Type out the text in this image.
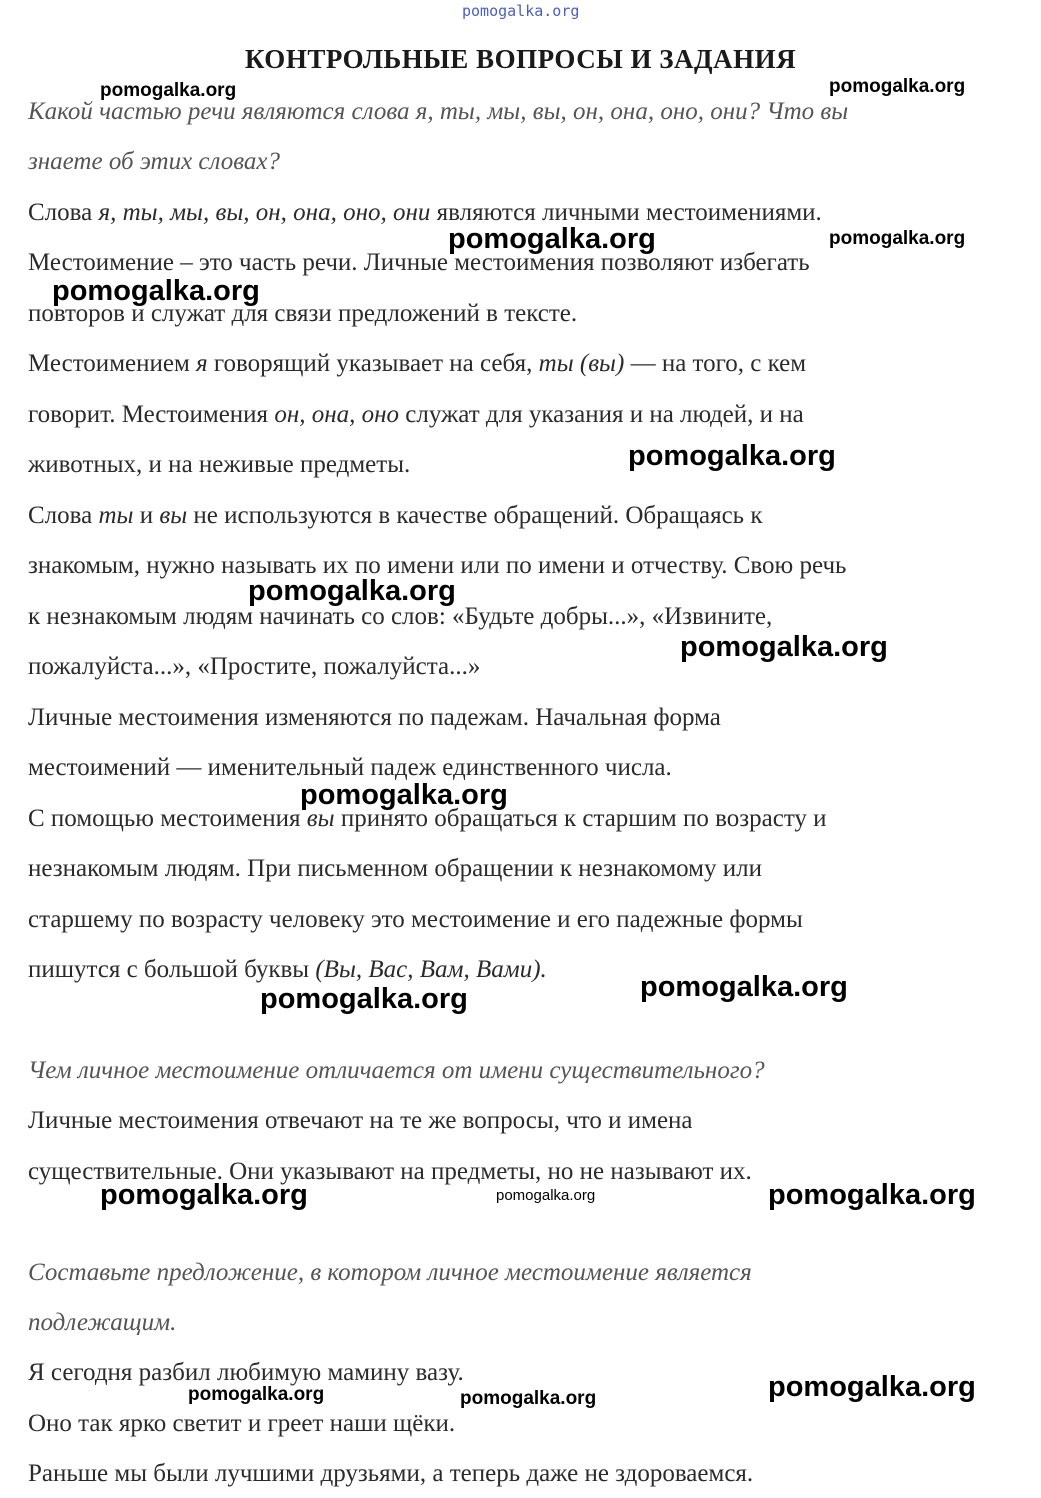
pomogalka.org
КОНТРОЛЬНЫЕ ВОПРОСЫ И ЗАДАНИЯ
Какой частью речи являются слова я, ты, мы, вы, он, она, оно, они? Что вы
знаете об этих словах?
Слова я, ты, мы, вы, он, она, оно, они являются личными местоимениями.
Местоимение – это часть речи. Личные местоимения позволяют избегать
повторов и служат для связи предложений в тексте.
Местоимением я говорящий указывает на себя, ты (вы) — на того, с кем
говорит. Местоимения он, она, оно служат для указания и на людей, и на
животных, и на неживые предметы.
Слова ты и вы не используются в качестве обращений. Обращаясь к
знакомым, нужно называть их по имени или по имени и отчеству. Свою речь
к незнакомым людям начинать со слов: «Будьте добры...», «Извините,
пожалуйста...», «Простите, пожалуйста...»
Личные местоимения изменяются по падежам. Начальная форма
местоимений — именительный падеж единственного числа.
С помощью местоимения вы принято обращаться к старшим по возрасту и
незнакомым людям. При письменном обращении к незнакомому или
старшему по возрасту человеку это местоимение и его падежные формы
пишутся с большой буквы (Вы, Вас, Вам, Вами).
Чем личное местоимение отличается от имени существительного?
Личные местоимения отвечают на те же вопросы, что и имена
существительные. Они указывают на предметы, но не называют их.
Составьте предложение, в котором личное местоимение является
подлежащим.
Я сегодня разбил любимую мамину вазу.
Оно так ярко светит и греет наши щёки.
Раньше мы были лучшими друзьями, а теперь даже не здороваемся.
pomogalka.org	pomogalka.org
pomogalka.org	pomogalka.org
pomogalka.org
pomogalka.org
pomogalka.org
pomogalka.org
pomogalka.org
pomogalka.org	pomogalka.org
pomogalka.org	pomogalka.org	pomogalka.org
pomogalka.org	pomogalka.org	pomogalka.org
